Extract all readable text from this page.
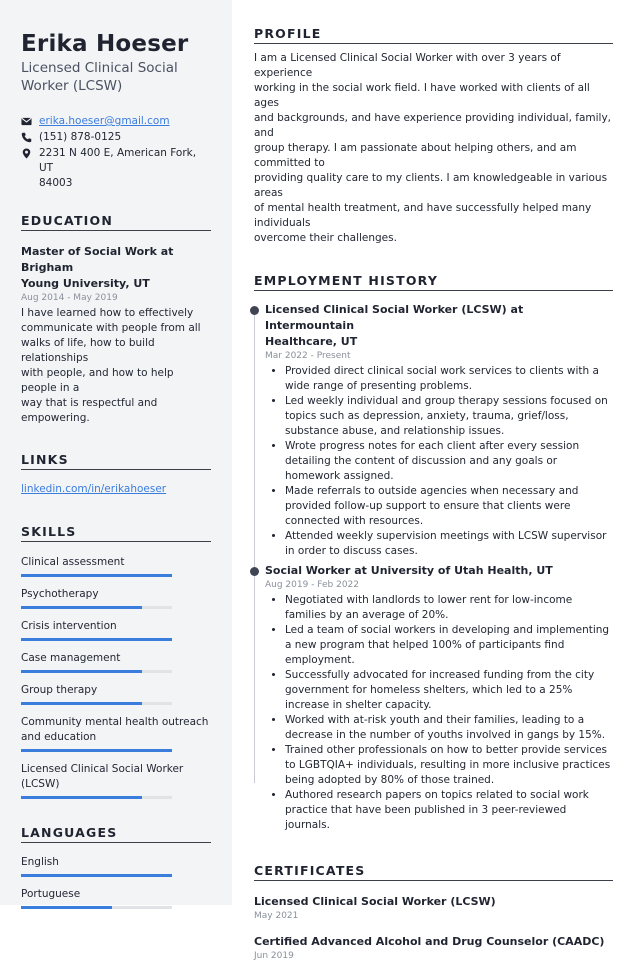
Erika Hoeser
Licensed Clinical Social
Worker (LCSW)
erika.hoeser@gmail.com
(151) 878-0125
2231 N 400 E, American Fork, UT
84003
EDUCATION
Master of Social Work at Brigham
Young University, UT
Aug 2014 - May 2019
I have learned how to effectively
communicate with people from all
walks of life, how to build relationships
with people, and how to help people in a
way that is respectful and empowering.
LINKS
linkedin.com/in/erikahoeser
SKILLS
Clinical assessment
Psychotherapy
Crisis intervention
Case management
Group therapy
Community mental health outreach and education
Licensed Clinical Social Worker (LCSW)
LANGUAGES
English
Portuguese
PROFILE
I am a Licensed Clinical Social Worker with over 3 years of experience
working in the social work field. I have worked with clients of all ages
and backgrounds, and have experience providing individual, family, and
group therapy. I am passionate about helping others, and am committed to
providing quality care to my clients. I am knowledgeable in various areas
of mental health treatment, and have successfully helped many individuals
overcome their challenges.
EMPLOYMENT HISTORY
Licensed Clinical Social Worker (LCSW) at Intermountain
Healthcare, UT
Mar 2022 - Present
• Provided direct clinical social work services to clients with a wide range of presenting problems.
• Led weekly individual and group therapy sessions focused on topics such as depression, anxiety, trauma, grief/loss, substance abuse, and relationship issues.
• Wrote progress notes for each client after every session detailing the content of discussion and any goals or homework assigned.
• Made referrals to outside agencies when necessary and provided follow-up support to ensure that clients were connected with resources.
• Attended weekly supervision meetings with LCSW supervisor in order to discuss cases.
Social Worker at University of Utah Health, UT
Aug 2019 - Feb 2022
• Negotiated with landlords to lower rent for low-income families by an average of 20%.
• Led a team of social workers in developing and implementing a new program that helped 100% of participants find employment.
• Successfully advocated for increased funding from the city government for homeless shelters, which led to a 25% increase in shelter capacity.
• Worked with at-risk youth and their families, leading to a decrease in the number of youths involved in gangs by 15%.
• Trained other professionals on how to better provide services to LGBTQIA+ individuals, resulting in more inclusive practices being adopted by 80% of those trained.
• Authored research papers on topics related to social work practice that have been published in 3 peer-reviewed journals.
CERTIFICATES
Licensed Clinical Social Worker (LCSW)
May 2021
Certified Advanced Alcohol and Drug Counselor (CAADC)
Jun 2019
